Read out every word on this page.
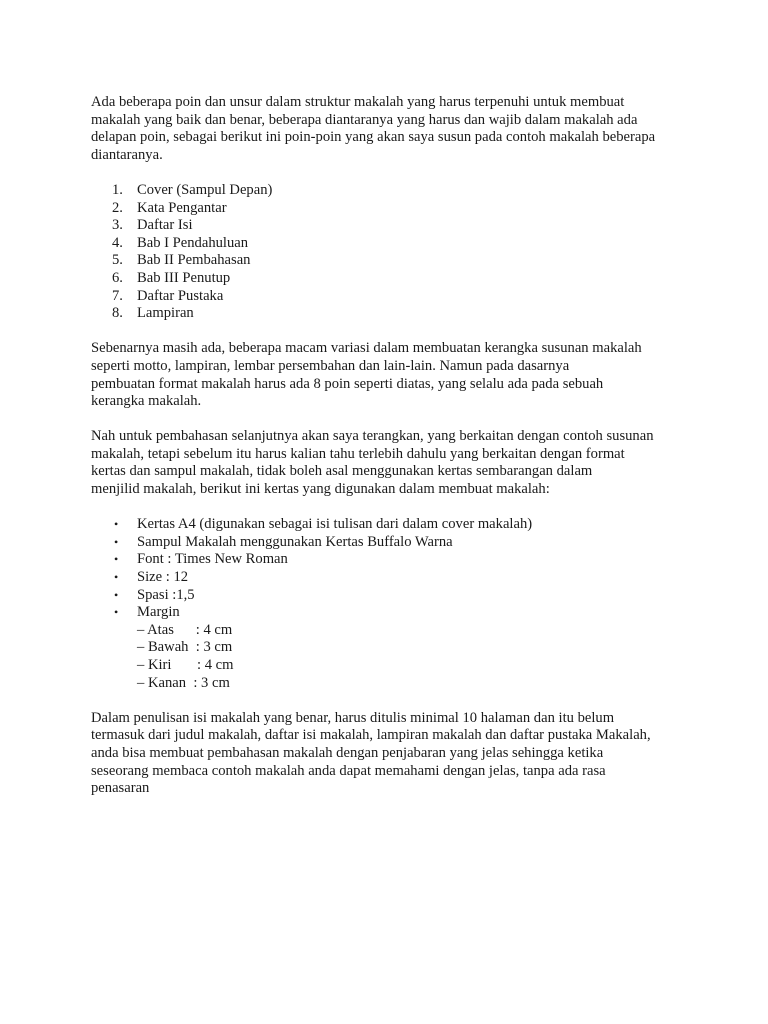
Ada beberapa poin dan unsur dalam struktur makalah yang harus terpenuhi untuk membuat
makalah yang baik dan benar, beberapa diantaranya yang harus dan wajib dalam makalah ada
delapan poin, sebagai berikut ini poin-poin yang akan saya susun pada contoh makalah beberapa
diantaranya.

1. Cover (Sampul Depan)
2. Kata Pengantar
3. Daftar Isi
4. Bab I Pendahuluan
5. Bab II Pembahasan
6. Bab III Penutup
7. Daftar Pustaka
8. Lampiran

Sebenarnya masih ada, beberapa macam variasi dalam membuatan kerangka susunan makalah
seperti motto, lampiran, lembar persembahan dan lain-lain. Namun pada dasarnya
pembuatan format makalah harus ada 8 poin seperti diatas, yang selalu ada pada sebuah
kerangka makalah.

Nah untuk pembahasan selanjutnya akan saya terangkan, yang berkaitan dengan contoh susunan
makalah, tetapi sebelum itu harus kalian tahu terlebih dahulu yang berkaitan dengan format
kertas dan sampul makalah, tidak boleh asal menggunakan kertas sembarangan dalam
menjilid makalah, berikut ini kertas yang digunakan dalam membuat makalah:

• Kertas A4 (digunakan sebagai isi tulisan dari dalam cover makalah)
• Sampul Makalah menggunakan Kertas Buffalo Warna
• Font : Times New Roman
• Size : 12
• Spasi :1,5
• Margin
– Atas      : 4 cm
– Bawah  : 3 cm
– Kiri       : 4 cm
– Kanan  : 3 cm

Dalam penulisan isi makalah yang benar, harus ditulis minimal 10 halaman dan itu belum
termasuk dari judul makalah, daftar isi makalah, lampiran makalah dan daftar pustaka Makalah,
anda bisa membuat pembahasan makalah dengan penjabaran yang jelas sehingga ketika
seseorang membaca contoh makalah anda dapat memahami dengan jelas, tanpa ada rasa
penasaran
